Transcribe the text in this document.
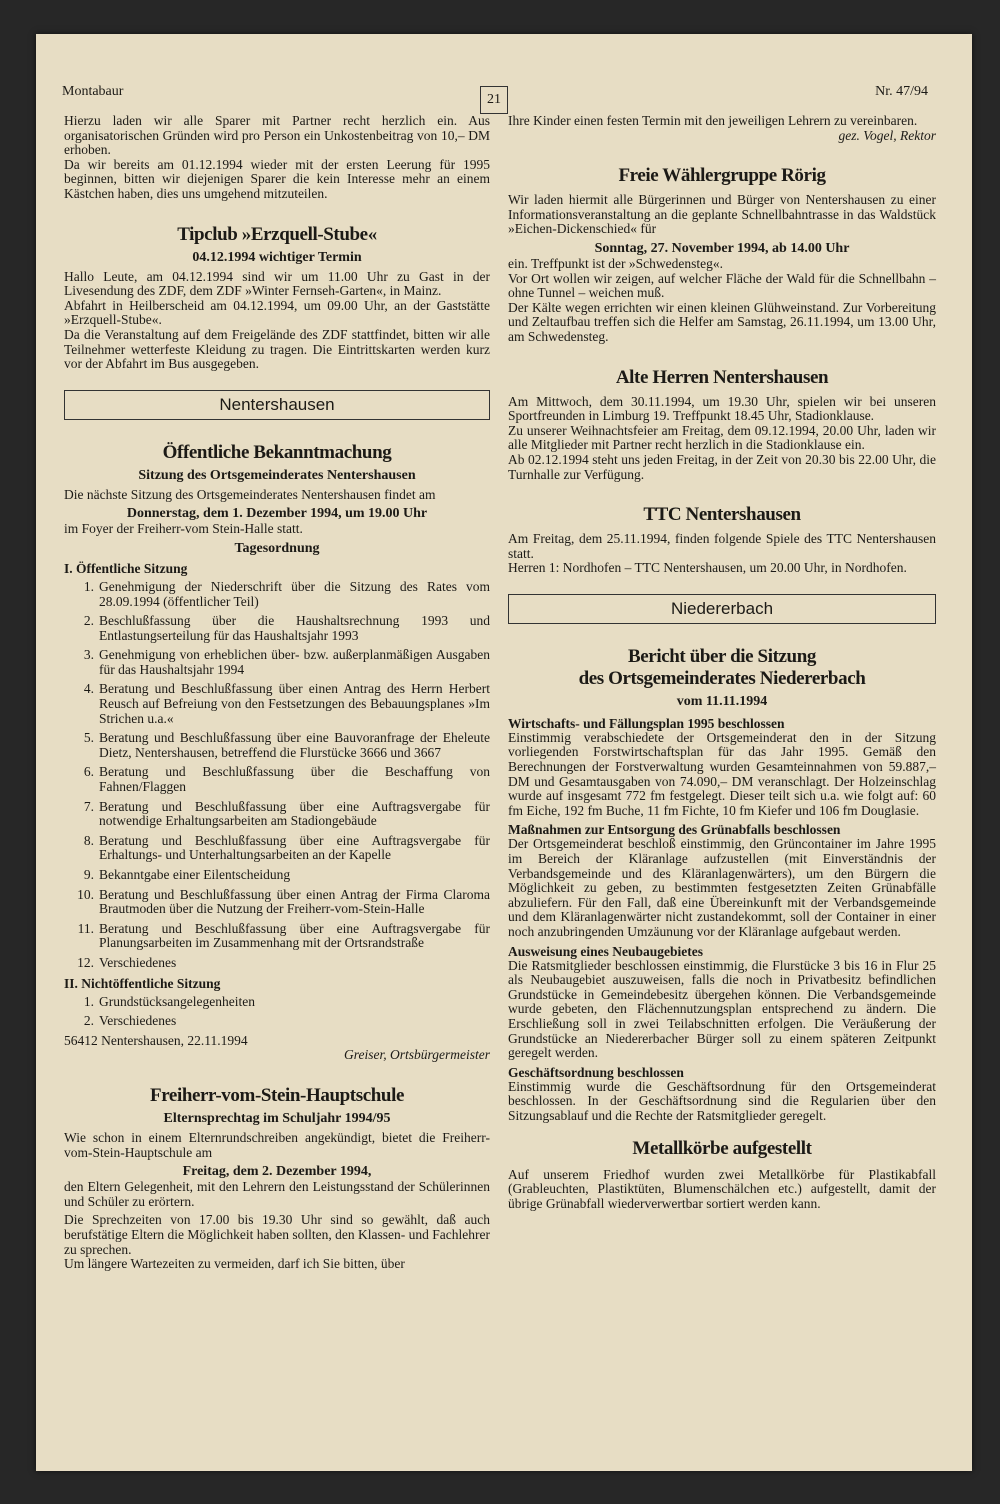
Montabaur
21
Nr. 47/94

Hierzu laden wir alle Sparer mit Partner recht herzlich ein. Aus organisatorischen Gründen wird pro Person ein Unkostenbeitrag von 10,– DM erhoben.

Da wir bereits am 01.12.1994 wieder mit der ersten Leerung für 1995 beginnen, bitten wir diejenigen Sparer die kein Interesse mehr an einem Kästchen haben, dies uns umgehend mitzuteilen.

Tipclub »Erzquell-Stube«
04.12.1994 wichtiger Termin

Hallo Leute, am 04.12.1994 sind wir um 11.00 Uhr zu Gast in der Livesendung des ZDF, dem ZDF »Winter Fernseh-Garten«, in Mainz.

Abfahrt in Heilberscheid am 04.12.1994, um 09.00 Uhr, an der Gaststätte »Erzquell-Stube«.

Da die Veranstaltung auf dem Freigelände des ZDF stattfindet, bitten wir alle Teilnehmer wetterfeste Kleidung zu tragen. Die Eintrittskarten werden kurz vor der Abfahrt im Bus ausgegeben.

Nentershausen
Öffentliche Bekanntmachung
Sitzung des Ortsgemeinderates Nentershausen

Die nächste Sitzung des Ortsgemeinderates Nentershausen findet am

Donnerstag, dem 1. Dezember 1994, um 19.00 Uhr

im Foyer der Freiherr-vom Stein-Halle statt.

Tagesordnung
I. Öffentliche Sitzung
1. Genehmigung der Niederschrift über die Sitzung des Rates vom 28.09.1994 (öffentlicher Teil)
2. Beschlußfassung über die Haushaltsrechnung 1993 und Entlastungserteilung für das Haushaltsjahr 1993
3. Genehmigung von erheblichen über- bzw. außerplanmäßigen Ausgaben für das Haushaltsjahr 1994
4. Beratung und Beschlußfassung über einen Antrag des Herrn Herbert Reusch auf Befreiung von den Festsetzungen des Bebauungsplanes »Im Strichen u.a.«
5. Beratung und Beschlußfassung über eine Bauvoranfrage der Eheleute Dietz, Nentershausen, betreffend die Flurstücke 3666 und 3667
6. Beratung und Beschlußfassung über die Beschaffung von Fahnen/Flaggen
7. Beratung und Beschlußfassung über eine Auftragsvergabe für notwendige Erhaltungsarbeiten am Stadiongebäude
8. Beratung und Beschlußfassung über eine Auftragsvergabe für Erhaltungs- und Unterhaltungsarbeiten an der Kapelle
9. Bekanntgabe einer Eilentscheidung
10. Beratung und Beschlußfassung über einen Antrag der Firma Claroma Brautmoden über die Nutzung der Freiherr-vom-Stein-Halle
11. Beratung und Beschlußfassung über eine Auftragsvergabe für Planungsarbeiten im Zusammenhang mit der Ortsrandstraße
12. Verschiedenes
II. Nichtöffentliche Sitzung
1. Grundstücksangelegenheiten
2. Verschiedenes

56412 Nentershausen, 22.11.1994

Greiser, Ortsbürgermeister

Freiherr-vom-Stein-Hauptschule
Elternsprechtag im Schuljahr 1994/95

Wie schon in einem Elternrundschreiben angekündigt, bietet die Freiherr-vom-Stein-Hauptschule am

Freitag, dem 2. Dezember 1994,

den Eltern Gelegenheit, mit den Lehrern den Leistungsstand der Schülerinnen und Schüler zu erörtern.

Die Sprechzeiten von 17.00 bis 19.30 Uhr sind so gewählt, daß auch berufstätige Eltern die Möglichkeit haben sollten, den Klassen- und Fachlehrer zu sprechen.

Um längere Wartezeiten zu vermeiden, darf ich Sie bitten, über

Ihre Kinder einen festen Termin mit den jeweiligen Lehrern zu vereinbaren.

gez. Vogel, Rektor

Freie Wählergruppe Rörig

Wir laden hiermit alle Bürgerinnen und Bürger von Nentershausen zu einer Informationsveranstaltung an die geplante Schnellbahntrasse in das Waldstück »Eichen-Dickenschied« für

Sonntag, 27. November 1994, ab 14.00 Uhr

ein. Treffpunkt ist der »Schwedensteg«.

Vor Ort wollen wir zeigen, auf welcher Fläche der Wald für die Schnellbahn – ohne Tunnel – weichen muß.

Der Kälte wegen errichten wir einen kleinen Glühweinstand. Zur Vorbereitung und Zeltaufbau treffen sich die Helfer am Samstag, 26.11.1994, um 13.00 Uhr, am Schwedensteg.

Alte Herren Nentershausen

Am Mittwoch, dem 30.11.1994, um 19.30 Uhr, spielen wir bei unseren Sportfreunden in Limburg 19. Treffpunkt 18.45 Uhr, Stadionklause.

Zu unserer Weihnachtsfeier am Freitag, dem 09.12.1994, 20.00 Uhr, laden wir alle Mitglieder mit Partner recht herzlich in die Stadionklause ein.

Ab 02.12.1994 steht uns jeden Freitag, in der Zeit von 20.30 bis 22.00 Uhr, die Turnhalle zur Verfügung.

TTC Nentershausen

Am Freitag, dem 25.11.1994, finden folgende Spiele des TTC Nentershausen statt.

Herren 1: Nordhofen – TTC Nentershausen, um 20.00 Uhr, in Nordhofen.

Niedererbach
Bericht über die Sitzung
des Ortsgemeinderates Niedererbach
vom 11.11.1994
Wirtschafts- und Fällungsplan 1995 beschlossen

Einstimmig verabschiedete der Ortsgemeinderat den in der Sitzung vorliegenden Forstwirtschaftsplan für das Jahr 1995. Gemäß den Berechnungen der Forstverwaltung wurden Gesamteinnahmen von 59.887,– DM und Gesamtausgaben von 74.090,– DM veranschlagt. Der Holzeinschlag wurde auf insgesamt 772 fm festgelegt. Dieser teilt sich u.a. wie folgt auf: 60 fm Eiche, 192 fm Buche, 11 fm Fichte, 10 fm Kiefer und 106 fm Douglasie.

Maßnahmen zur Entsorgung des Grünabfalls beschlossen

Der Ortsgemeinderat beschloß einstimmig, den Grüncontainer im Jahre 1995 im Bereich der Kläranlage aufzustellen (mit Einverständnis der Verbandsgemeinde und des Kläranlagenwärters), um den Bürgern die Möglichkeit zu geben, zu bestimmten festgesetzten Zeiten Grünabfälle abzuliefern. Für den Fall, daß eine Übereinkunft mit der Verbandsgemeinde und dem Kläranlagenwärter nicht zustandekommt, soll der Container in einer noch anzubringenden Umzäunung vor der Kläranlage aufgebaut werden.

Ausweisung eines Neubaugebietes

Die Ratsmitglieder beschlossen einstimmig, die Flurstücke 3 bis 16 in Flur 25 als Neubaugebiet auszuweisen, falls die noch in Privatbesitz befindlichen Grundstücke in Gemeindebesitz übergehen können. Die Verbandsgemeinde wurde gebeten, den Flächennutzungsplan entsprechend zu ändern. Die Erschließung soll in zwei Teilabschnitten erfolgen. Die Veräußerung der Grundstücke an Niedererbacher Bürger soll zu einem späteren Zeitpunkt geregelt werden.

Geschäftsordnung beschlossen

Einstimmig wurde die Geschäftsordnung für den Ortsgemeinderat beschlossen. In der Geschäftsordnung sind die Regularien über den Sitzungsablauf und die Rechte der Ratsmitglieder geregelt.

Metallkörbe aufgestellt

Auf unserem Friedhof wurden zwei Metallkörbe für Plastikabfall (Grableuchten, Plastiktüten, Blumenschälchen etc.) aufgestellt, damit der übrige Grünabfall wiederverwertbar sortiert werden kann.
